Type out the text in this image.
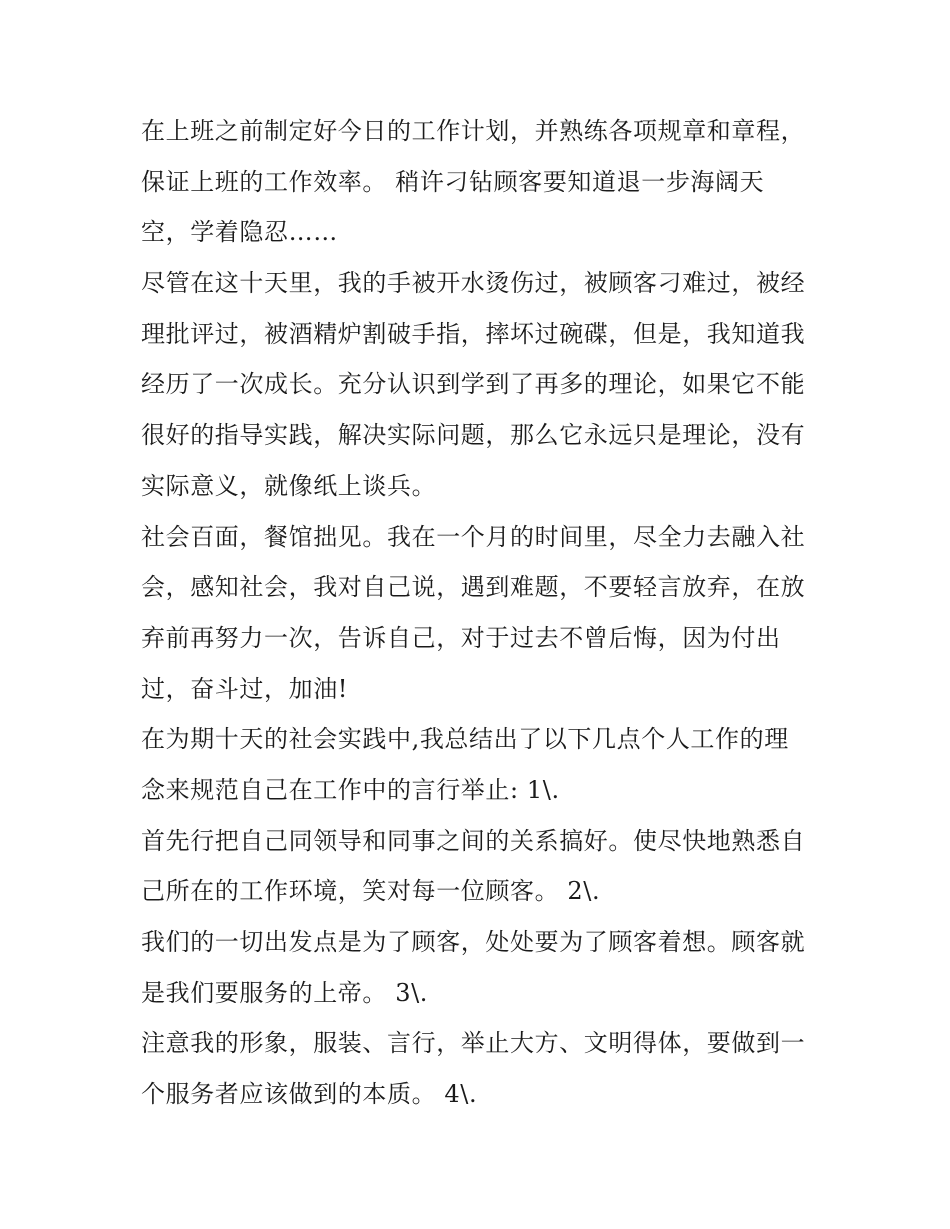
在上班之前制定好今日的工作计划，并熟练各项规章和章程，
保证上班的工作效率。 稍许刁钻顾客要知道退一步海阔天
空，学着隐忍……
尽管在这十天里，我的手被开水烫伤过，被顾客刁难过，被经
理批评过，被酒精炉割破手指，摔坏过碗碟，但是，我知道我
经历了一次成长。充分认识到学到了再多的理论，如果它不能
很好的指导实践，解决实际问题，那么它永远只是理论，没有
实际意义，就像纸上谈兵。
社会百面，餐馆拙见。我在一个月的时间里，尽全力去融入社
会，感知社会，我对自己说，遇到难题，不要轻言放弃，在放
弃前再努力一次，告诉自己，对于过去不曾后悔，因为付出
过，奋斗过，加油!
在为期十天的社会实践中,我总结出了以下几点个人工作的理
念来规范自己在工作中的言行举止: 1\.
首先行把自己同领导和同事之间的关系搞好。使尽快地熟悉自
己所在的工作环境，笑对每一位顾客。 2\.
我们的一切出发点是为了顾客，处处要为了顾客着想。顾客就
是我们要服务的上帝。 3\.
注意我的形象，服装、言行，举止大方、文明得体，要做到一
个服务者应该做到的本质。 4\.
